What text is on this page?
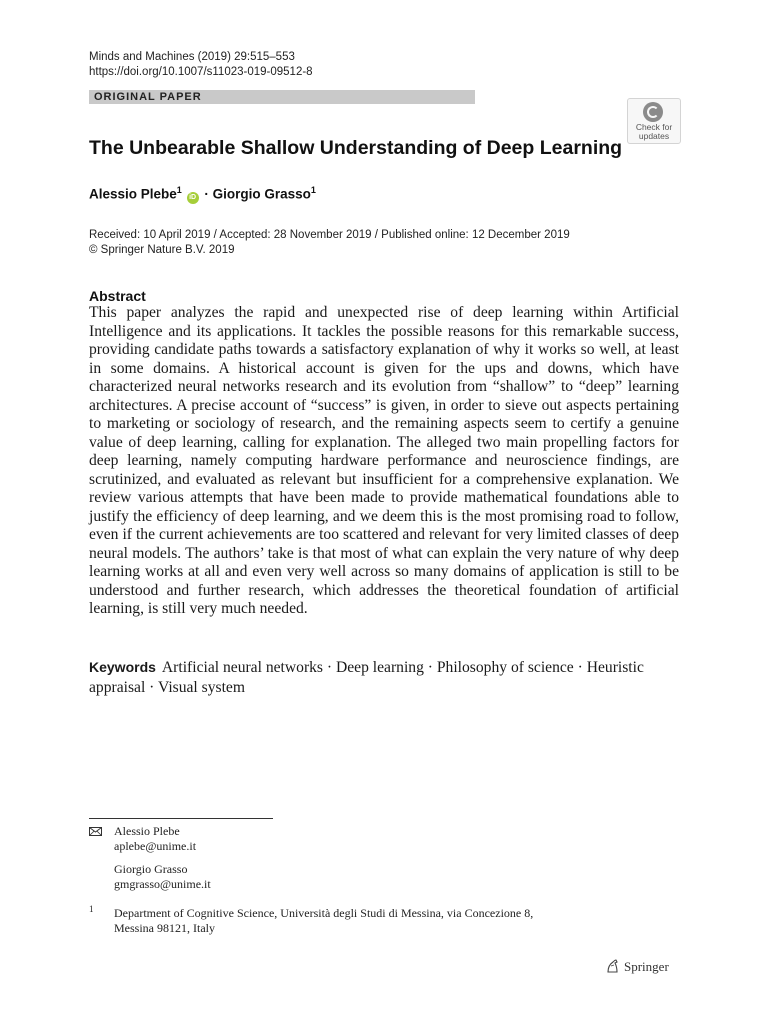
Minds and Machines (2019) 29:515–553
https://doi.org/10.1007/s11023-019-09512-8
ORIGINAL PAPER
Check for
updates
The Unbearable Shallow Understanding of Deep Learning
Alessio Plebe$^1$ iD · Giorgio Grasso$^1$
Received: 10 April 2019 / Accepted: 28 November 2019 / Published online: 12 December 2019
© Springer Nature B.V. 2019
Abstract
This paper analyzes the rapid and unexpected rise of deep learning within Artificial Intelligence and its applications. It tackles the possible reasons for this remarkable success, providing candidate paths towards a satisfactory explanation of why it works so well, at least in some domains. A historical account is given for the ups and downs, which have characterized neural networks research and its evolution from “shallow” to “deep” learning architectures. A precise account of “success” is given, in order to sieve out aspects pertaining to marketing or sociology of research, and the remaining aspects seem to certify a genuine value of deep learning, calling for explanation. The alleged two main propelling factors for deep learning, namely computing hardware performance and neuroscience findings, are scrutinized, and evaluated as relevant but insufficient for a comprehensive explanation. We review various attempts that have been made to provide mathematical foundations able to justify the efficiency of deep learning, and we deem this is the most promising road to follow, even if the current achievements are too scattered and relevant for very limited classes of deep neural models. The authors’ take is that most of what can explain the very nature of why deep learning works at all and even very well across so many domains of application is still to be understood and further research, which addresses the theoretical foundation of artificial learning, is still very much needed.
Keywords Artificial neural networks · Deep learning · Philosophy of science · Heuristic appraisal · Visual system
Alessio Plebe
aplebe@unime.it
Giorgio Grasso
gmgrasso@unime.it
1 Department of Cognitive Science, Università degli Studi di Messina, via Concezione 8,
Messina 98121, Italy
Springer
